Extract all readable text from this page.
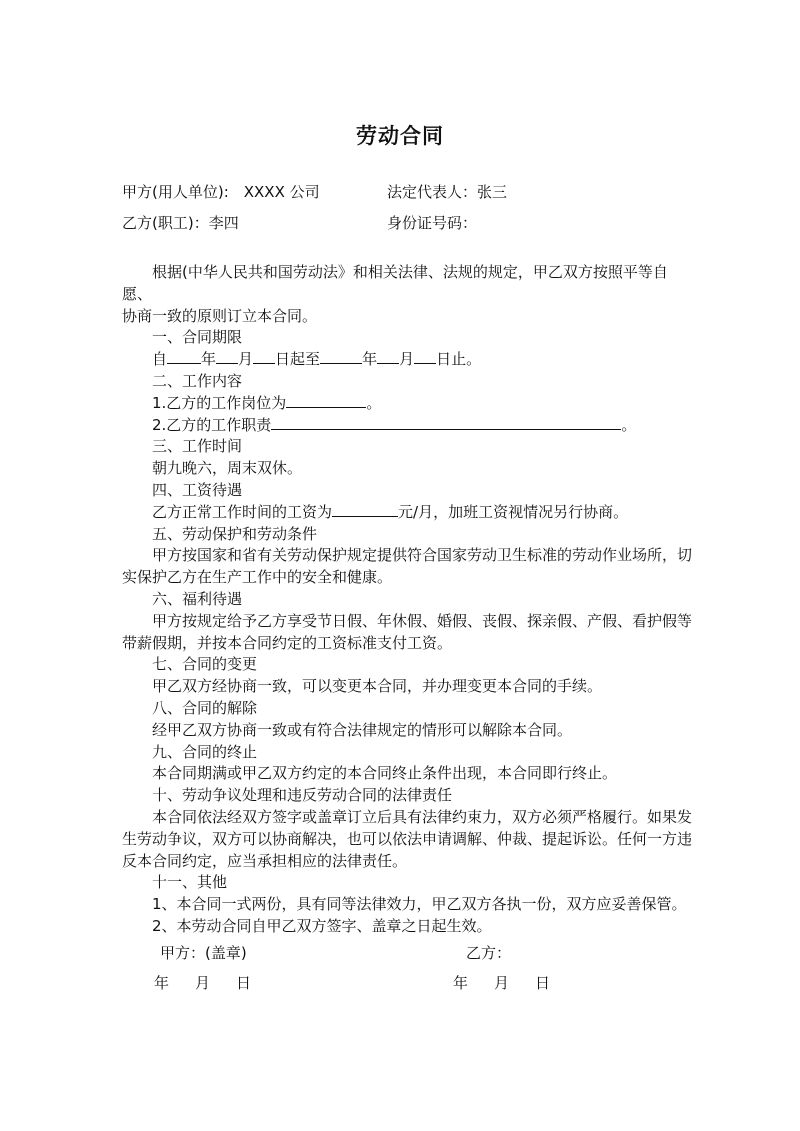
劳动合同
甲方(用人单位):　XXXX 公司	法定代表人：张三
乙方(职工)：李四	身份证号码：

根据(中华人民共和国劳动法》和相关法律、法规的规定，甲乙双方按照平等自愿、

协商一致的原则订立本合同。

一、合同期限

自 年 月 日起至	年 月 日止。

二、工作内容

1.乙方的工作岗位为	。

2.乙方的工作职责	。

三、工作时间

朝九晚六，周末双休。

四、工资待遇

乙方正常工作时间的工资为	元/月，加班工资视情况另行协商。

五、劳动保护和劳动条件

甲方按国家和省有关劳动保护规定提供符合国家劳动卫生标准的劳动作业场所，切

实保护乙方在生产工作中的安全和健康。

六、福利待遇

甲方按规定给予乙方享受节日假、年休假、婚假、丧假、探亲假、产假、看护假等

带薪假期，并按本合同约定的工资标准支付工资。

七、合同的变更

甲乙双方经协商一致，可以变更本合同，并办理变更本合同的手续。

八、合同的解除

经甲乙双方协商一致或有符合法律规定的情形可以解除本合同。

九、合同的终止

本合同期满或甲乙双方约定的本合同终止条件出现，本合同即行终止。

十、劳动争议处理和违反劳动合同的法律责任

本合同依法经双方签字或盖章订立后具有法律约束力，双方必须严格履行。如果发

生劳动争议，双方可以协商解决，也可以依法申请调解、仲裁、提起诉讼。任何一方违

反本合同约定，应当承担相应的法律责任。

十一、其他

1、本合同一式两份，具有同等法律效力，甲乙双方各执一份，双方应妥善保管。

2、本劳动合同自甲乙双方签字、盖章之日起生效。

甲方：(盖章)	乙方：
年 月 日	年 月 日
